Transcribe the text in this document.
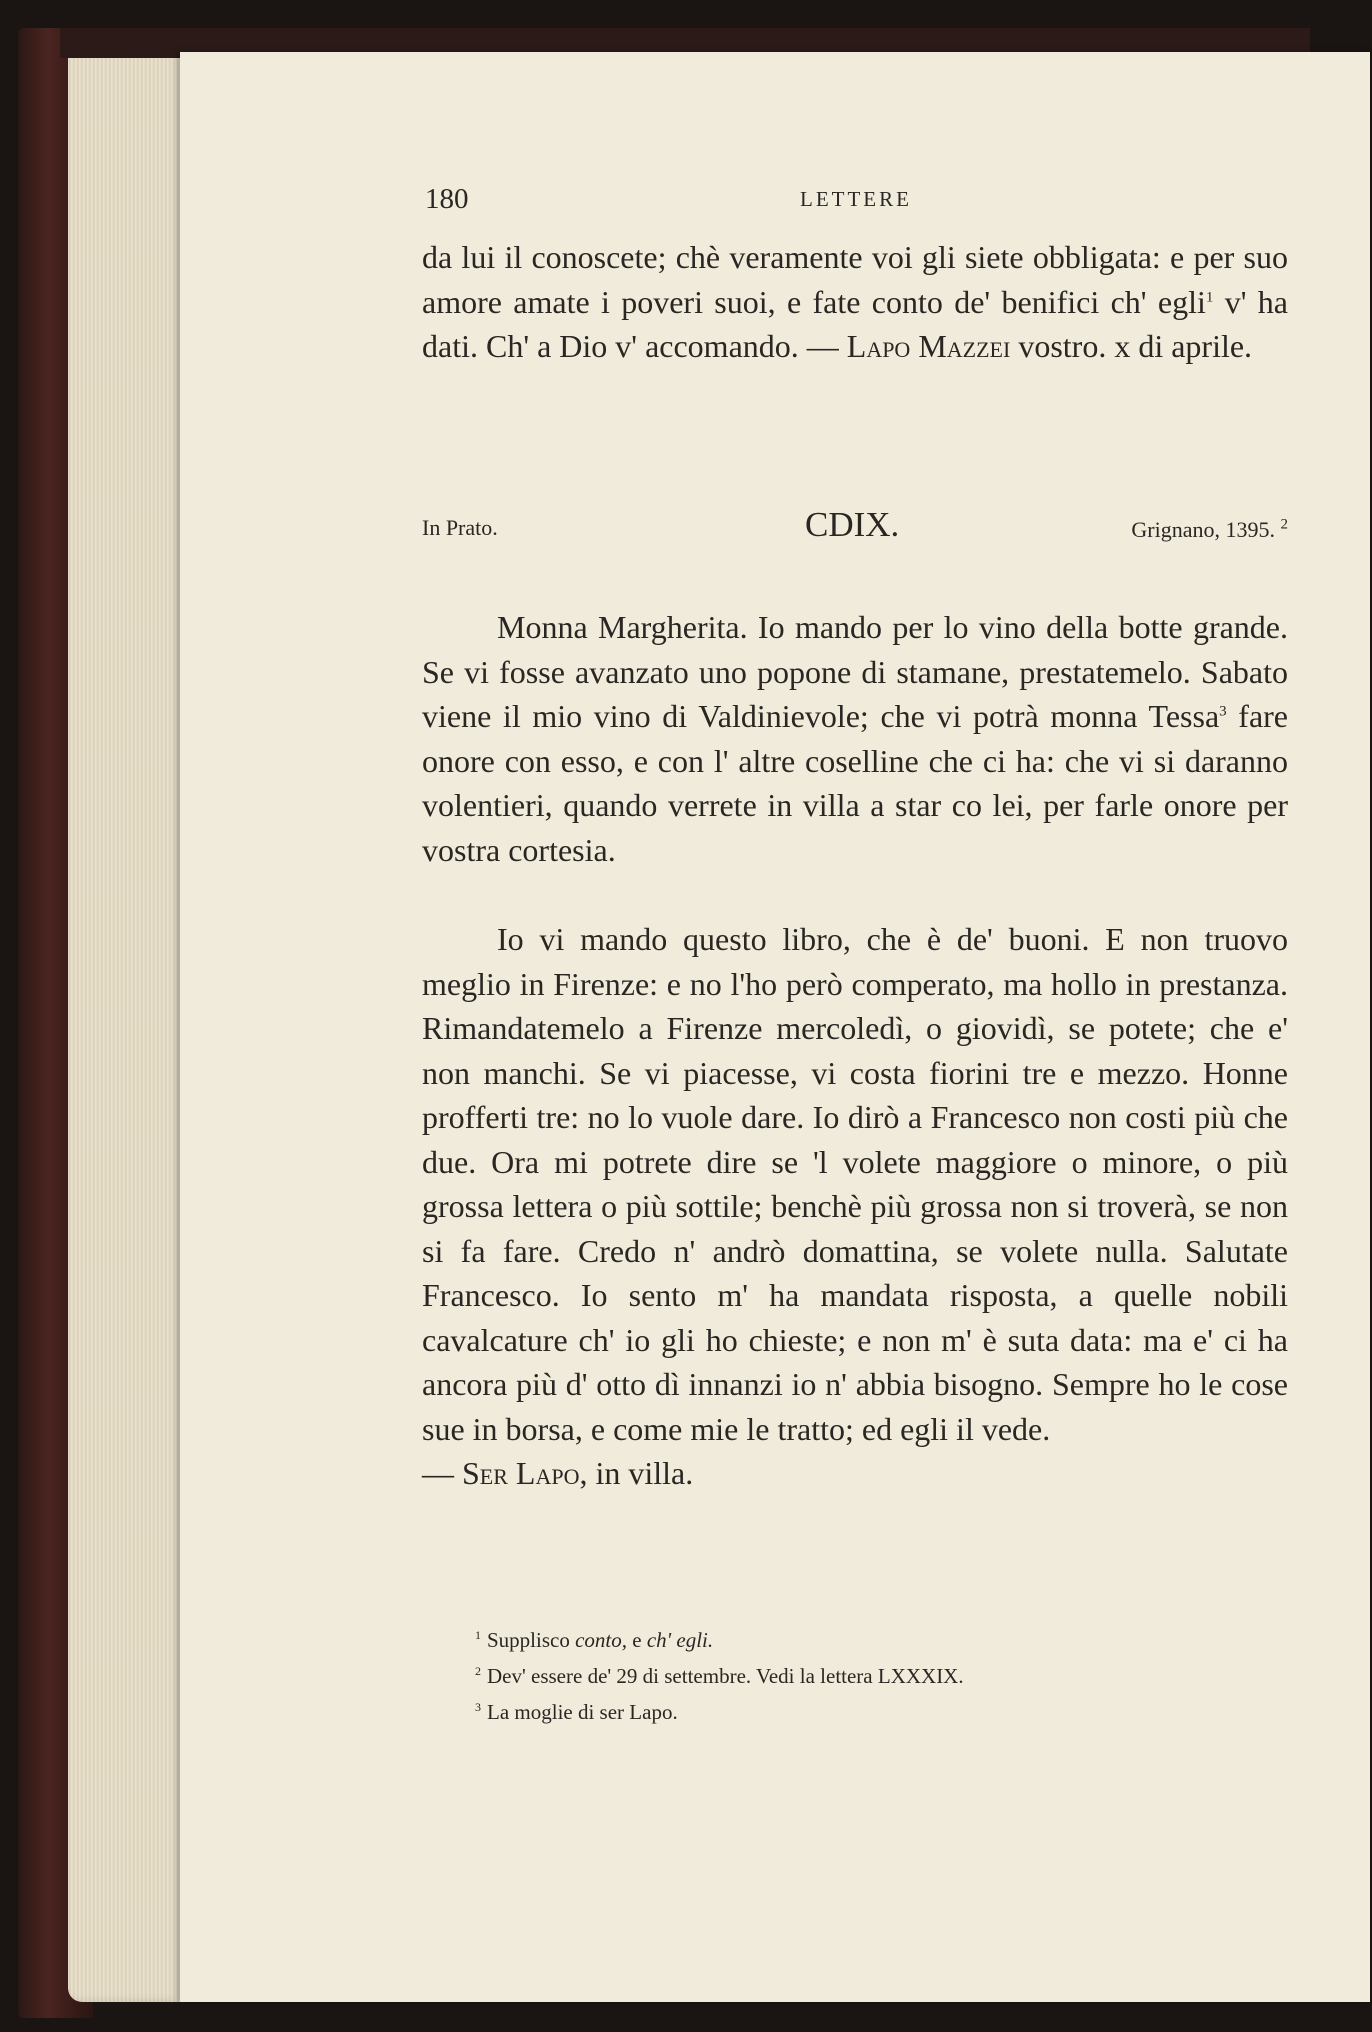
180	LETTERE
da lui il conoscete; chè veramente voi gli siete obbligata: e per suo amore amate i poveri suoi, e fate conto de' benifici ch' egli$^1$ v' ha dati. Ch' a Dio v' accomando. — Lapo Mazzei vostro. x di aprile.
In Prato.	CDIX.	Grignano, 1395. $^2$
Monna Margherita. Io mando per lo vino della botte grande. Se vi fosse avanzato uno popone di stamane, prestatemelo. Sabato viene il mio vino di Valdinievole; che vi potrà monna Tessa$^3$ fare onore con esso, e con l' altre coselline che ci ha: che vi si daranno volentieri, quando verrete in villa a star co lei, per farle onore per vostra cortesia.
Io vi mando questo libro, che è de' buoni. E non truovo meglio in Firenze: e no l'ho però comperato, ma hollo in prestanza. Rimandatemelo a Firenze mercoledì, o giovidì, se potete; che e' non manchi. Se vi piacesse, vi costa fiorini tre e mezzo. Honne profferti tre: no lo vuole dare. Io dirò a Francesco non costi più che due. Ora mi potrete dire se 'l volete maggiore o minore, o più grossa lettera o più sottile; benchè più grossa non si troverà, se non si fa fare. Credo n' andrò domattina, se volete nulla. Salutate Francesco. Io sento m' ha mandata risposta, a quelle nobili cavalcature ch' io gli ho chieste; e non m' è suta data: ma e' ci ha ancora più d' otto dì innanzi io n' abbia bisogno. Sempre ho le cose sue in borsa, e come mie le tratto; ed egli il vede.
— Ser Lapo, in villa.
$^1$ Supplisco conto, e ch' egli.
$^2$ Dev' essere de' 29 di settembre. Vedi la lettera LXXXIX.
$^3$ La moglie di ser Lapo.
